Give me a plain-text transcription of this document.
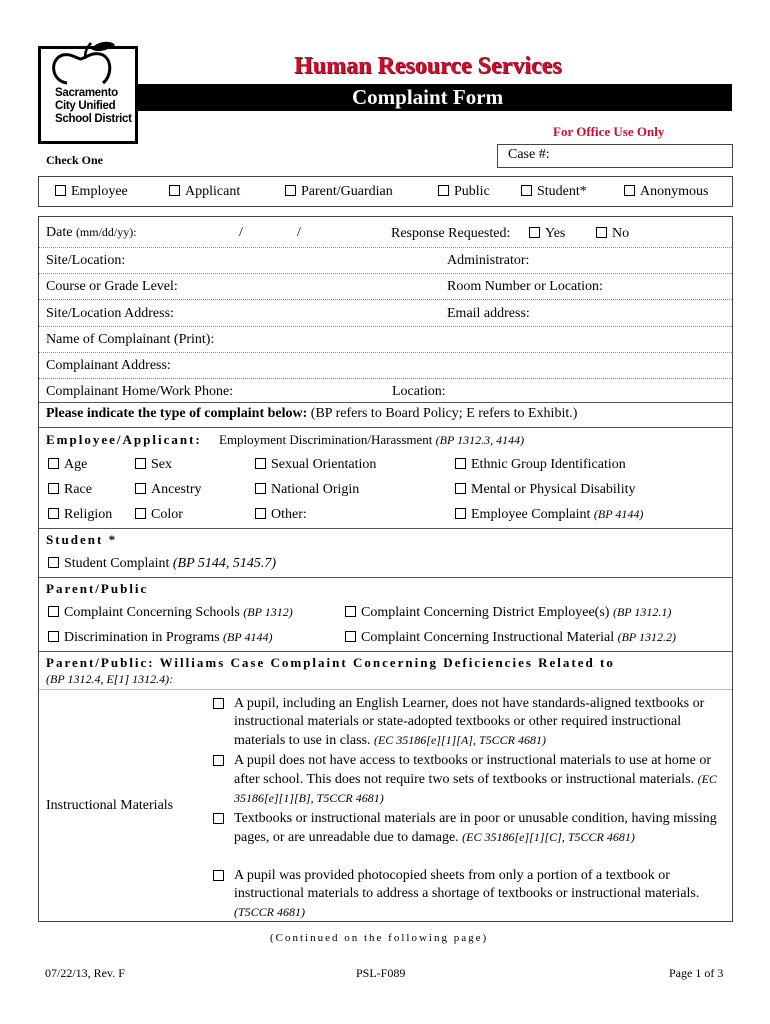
Sacramento
City Unified
School District
Human Resource Services
Complaint Form
For Office Use Only
Check One	Case #:
Employee	Applicant	Parent/Guardian	Public	Student*	Anonymous
Date (mm/dd/yy):	/	/	Response Requested:	Yes	No
Site/Location:	Administrator:
Course or Grade Level:	Room Number or Location:
Site/Location Address:	Email address:
Name of Complainant (Print):
Complainant Address:
Complainant Home/Work Phone:	Location:
Please indicate the type of complaint below: (BP refers to Board Policy; E refers to Exhibit.)
Employee/Applicant: Employment Discrimination/Harassment (BP 1312.3, 4144)
Age	Sex	Sexual Orientation	Ethnic Group Identification
Race	Ancestry	National Origin	Mental or Physical Disability
Religion	Color	Other:	Employee Complaint (BP 4144)
Student *
Student Complaint (BP 5144, 5145.7)
Parent/Public
Complaint Concerning Schools (BP 1312)	Complaint Concerning District Employee(s) (BP 1312.1)
Discrimination in Programs (BP 4144)	Complaint Concerning Instructional Material (BP 1312.2)
Parent/Public: Williams Case Complaint Concerning Deficiencies Related to
(BP 1312.4, E[1] 1312.4):
Instructional Materials
A pupil, including an English Learner, does not have standards-aligned textbooks or instructional materials or state-adopted textbooks or other required instructional materials to use in class. (EC 35186[e][1][A], T5CCR 4681)
A pupil does not have access to textbooks or instructional materials to use at home or after school. This does not require two sets of textbooks or instructional materials. (EC 35186[e][1][B], T5CCR 4681)
Textbooks or instructional materials are in poor or unusable condition, having missing pages, or are unreadable due to damage. (EC 35186[e][1][C], T5CCR 4681)
A pupil was provided photocopied sheets from only a portion of a textbook or instructional materials to address a shortage of textbooks or instructional materials. (T5CCR 4681)
(Continued on the following page)
07/22/13, Rev. F	PSL-F089	Page 1 of 3
